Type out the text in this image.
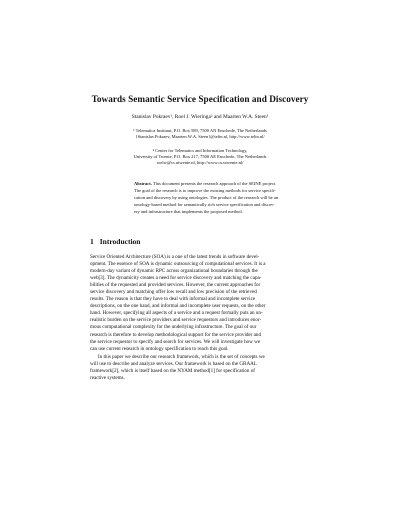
Towards Semantic Service Specification and Discovery
Stanislav Pokraev¹, Roel J. Wieringa² and Maarten W.A. Steen¹
¹ Telematica Instituut, P.O. Box 589, 7500 AN Enschede, The Netherlands
{Stanislav.Pokraev, Maarten.W.A. Steen}@telin.nl, http://www.telin.nl/
² Center for Telematics and Information Technology,
University of Twente, P.O. Box 217, 7500 AE Enschede, The Netherlands
roelw@cs.utwente.nl, http://www.cs.utwente.nl/
Abstract. This document presents the research approach of the SEINE project.
The goal of the research is to improve the existing methods for service specifi-
cation and discovery by using ontologies. The product of the research will be an
ontology-based method for semantically rich service specification and discov-
ery and infrastructure that implements the proposed method.
1 Introduction
Service Oriented Architecture (SOA) is a one of the latest trends in software devel-
opment. The essence of SOA is dynamic outsourcing of computational services. It is a
modern-day variant of dynamic RPC across organizational boundaries through the
web[3]. The dynamicity creates a need for service discovery and matching the capa-
bilities of the requested and provided services. However, the current approaches for
service discovery and matching offer low recall and low precision of the retrieved
results. The reason is that they have to deal with informal and incomplete service
descriptions, on the one hand, and informal and incomplete user requests, on the other
hand. However, specifying all aspects of a service and a request formally puts an un-
realistic burden on the service providers and service requestors and introduces enor-
mous computational complexity for the underlying infrastructure. The goal of our
research is therefore to develop methodological support for the service provider and
the service requestor to specify and search for services. We will investigate how we
can use current research in ontology specification to reach this goal.
In this paper we describe our research framework, which is the set of concepts we
will use to describe and analyze services. Our framework is based on the GRAAL
framework[2], which is itself based on the NYAM method[1] for specification of
reactive systems.
